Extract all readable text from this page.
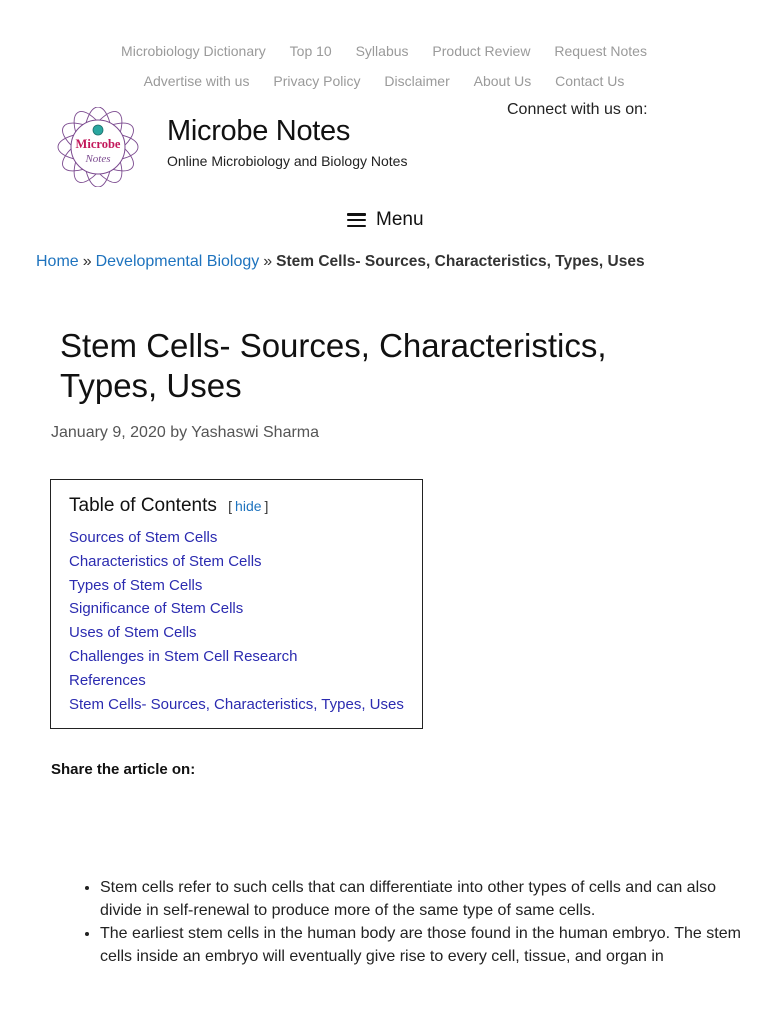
Microbiology Dictionary Top 10 Syllabus Product Review Request Notes
Advertise with us Privacy Policy Disclaimer About Us Contact Us
Connect with us on:
Microbe
Notes
Microbe Notes
Online Microbiology and Biology Notes
Menu
Home » Developmental Biology » Stem Cells- Sources, Characteristics, Types, Uses
Stem Cells- Sources, Characteristics, Types, Uses
January 9, 2020 by Yashaswi Sharma
Table of Contents [ hide ]
Sources of Stem Cells
Characteristics of Stem Cells
Types of Stem Cells
Significance of Stem Cells
Uses of Stem Cells
Challenges in Stem Cell Research
References
Stem Cells- Sources, Characteristics, Types, Uses
Share the article on:
• Stem cells refer to such cells that can differentiate into other types of cells and can also divide in self-renewal to produce more of the same type of same cells.
• The earliest stem cells in the human body are those found in the human embryo. The stem cells inside an embryo will eventually give rise to every cell, tissue, and organ in
